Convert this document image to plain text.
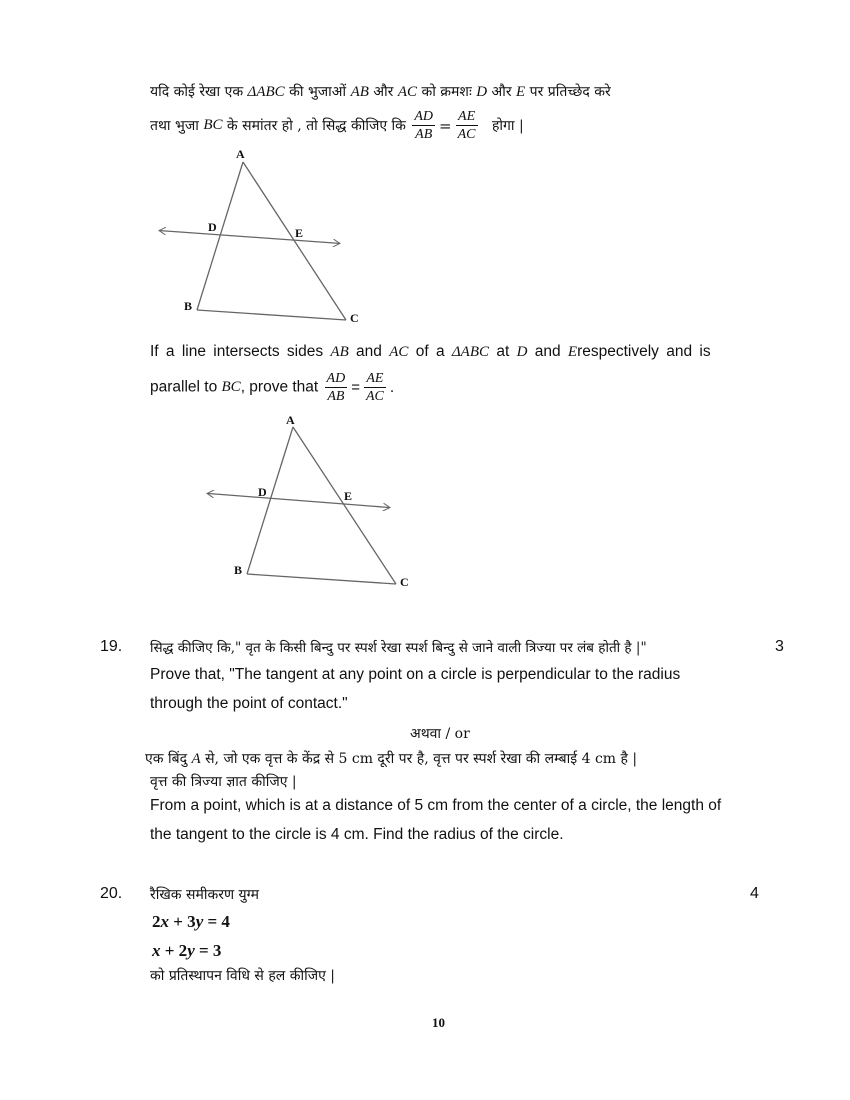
यदि कोई रेखा एक ΔABC की भुजाओं AB और AC को क्रमशः D और E पर प्रतिच्छेद करे
तथा भुजा BC के समांतर हो , तो सिद्ध कीजिए कि $\frac{AD}{AB} = \frac{AE}{AC}$ होगा |
A
B
C
D	E
If a line intersects sides AB and AC of a ΔABC at D and Erespectively and is
parallel to BC, prove that $\frac{AD}{AB} = \frac{AE}{AC}$ .
A
B
C
D	E
19. सिद्ध कीजिए कि," वृत के किसी बिन्दु पर स्पर्श रेखा स्पर्श बिन्दु से जाने वाली त्रिज्या पर लंब होती है |"	3
Prove that, "The tangent at any point on a circle is perpendicular to the radius
through the point of contact."
अथवा / or
एक बिंदु A से, जो एक वृत्त के केंद्र से 5 cm दूरी पर है, वृत्त पर स्पर्श रेखा की लम्बाई 4 cm है |
वृत्त की त्रिज्या ज्ञात कीजिए |
From a point, which is at a distance of 5 cm from the center of a circle, the length of
the tangent to the circle is 4 cm. Find the radius of the circle.
20. रैखिक समीकरण युग्म	4
2x + 3y = 4
x + 2y = 3
को प्रतिस्थापन विधि से हल कीजिए |
10
